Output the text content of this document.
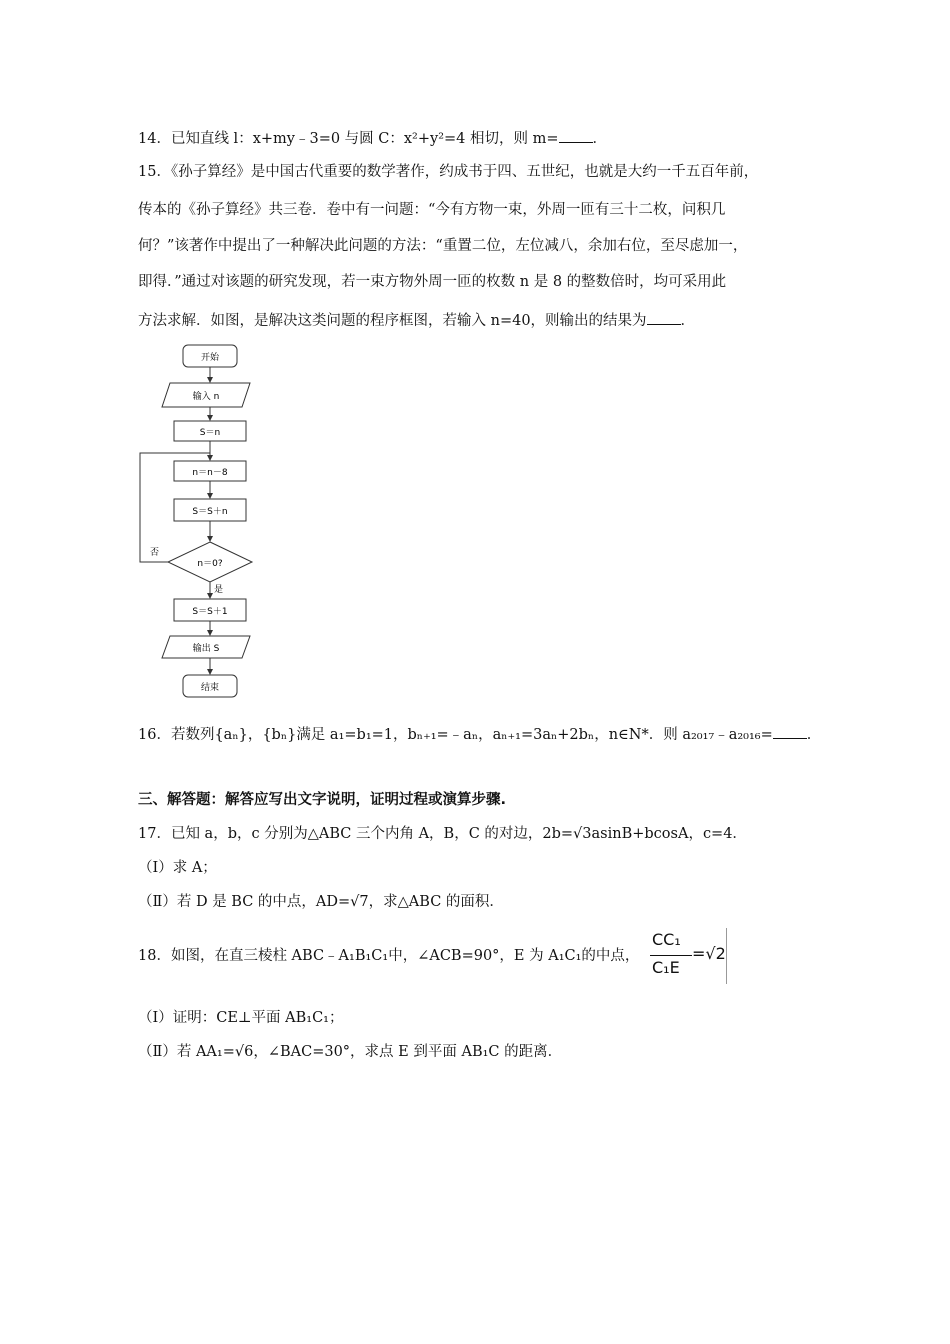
14．已知直线 l：x+my﹣3=0 与圆 C：x²+y²=4 相切，则 m= ．
15．《孙子算经》是中国古代重要的数学著作，约成书于四、五世纪，也就是大约一千五百年前，
传本的《孙子算经》共三卷．卷中有一问题：“今有方物一束，外周一匝有三十二枚，问积几
何？”该著作中提出了一种解决此问题的方法：“重置二位，左位减八，余加右位，至尽虑加一，
即得．”通过对该题的研究发现，若一束方物外周一匝的枚数 n 是 8 的整数倍时，均可采用此
方法求解．如图，是解决这类问题的程序框图，若输入 n=40，则输出的结果为 ．
开始
输入 n
S＝n
n＝n－8
S＝S＋n
n＝0?
否
是
S＝S＋1
输出 S
结束
16．若数列{aₙ}，{bₙ}满足 a₁=b₁=1，bₙ₊₁=﹣aₙ，aₙ₊₁=3aₙ+2bₙ，n∈N*．则 a₂₀₁₇﹣a₂₀₁₆= ．
三、解答题：解答应写出文字说明，证明过程或演算步骤.
17．已知 a，b，c 分别为△ABC 三个内角 A，B，C 的对边，2b=√3asinB+bcosA，c=4．
（Ⅰ）求 A；
（Ⅱ）若 D 是 BC 的中点，AD=√7，求△ABC 的面积．
18．如图，在直三棱柱 ABC﹣A₁B₁C₁中，∠ACB=90°，E 为 A₁C₁的中点，
CC₁
C₁E
=√2
（Ⅰ）证明：CE⊥平面 AB₁C₁；
（Ⅱ）若 AA₁=√6，∠BAC=30°，求点 E 到平面 AB₁C 的距离．
